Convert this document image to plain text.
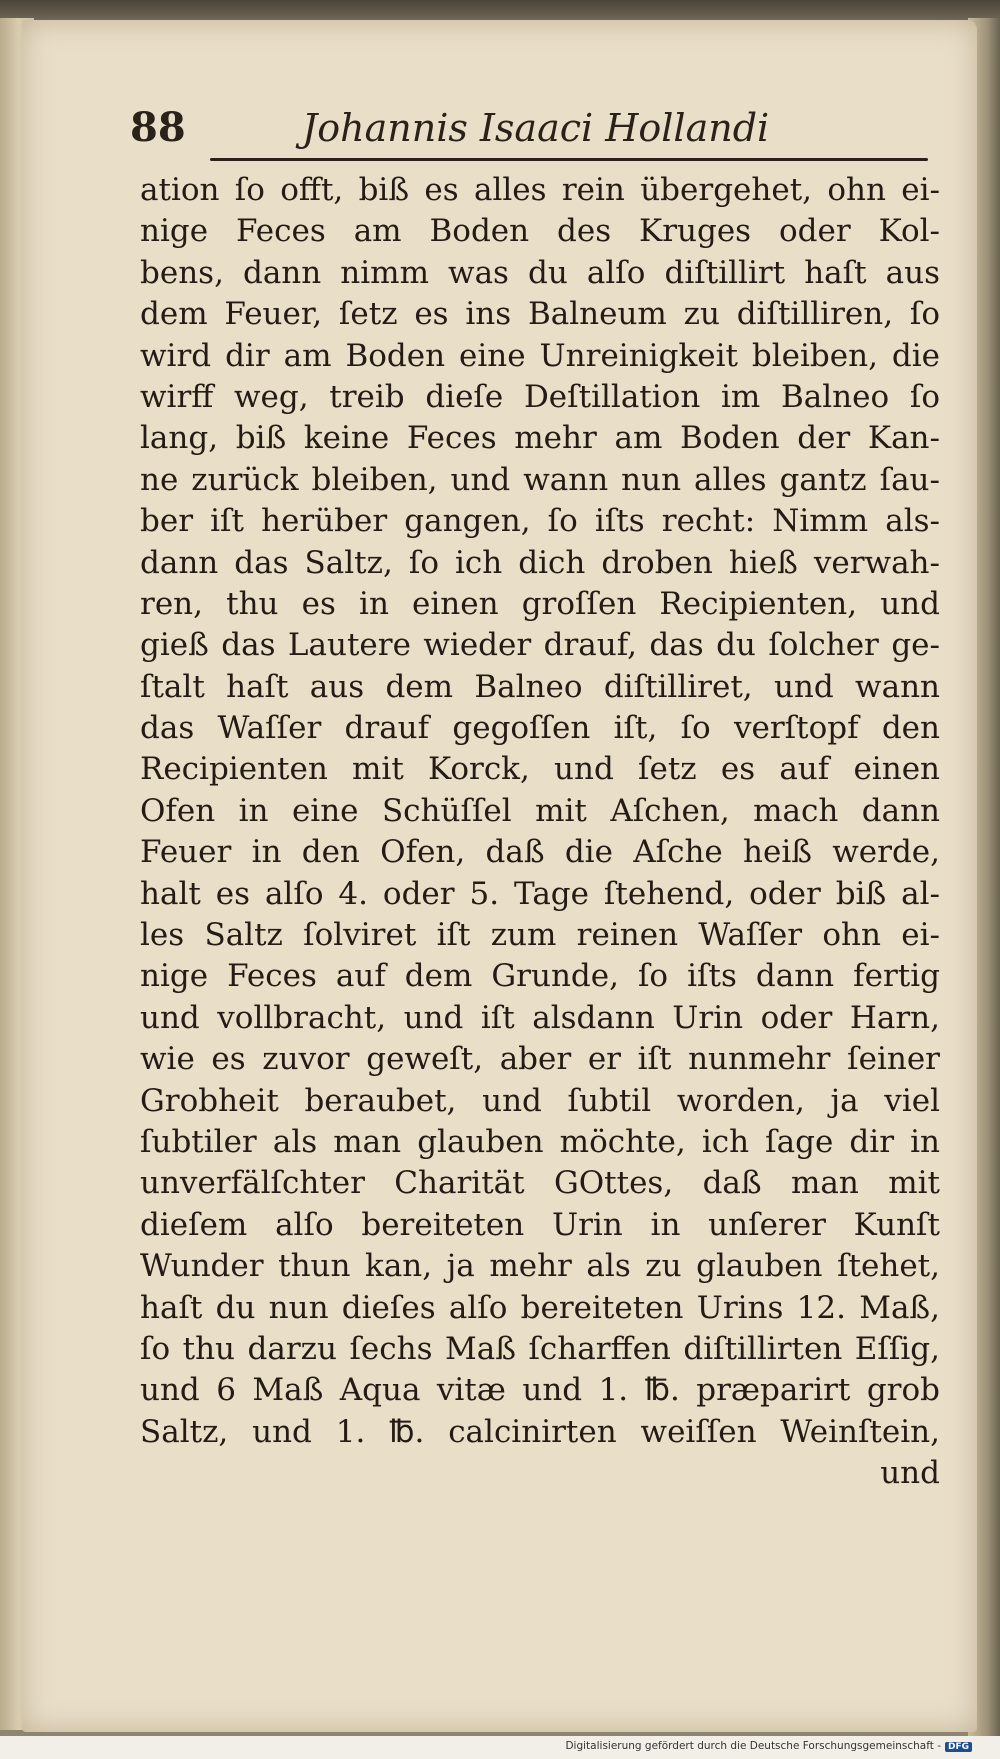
88	Johannis Isaaci Hollandi
ation ſo offt, biß es alles rein übergehet, ohn ei-
nige Feces am Boden des Kruges oder Kol-
bens, dann nimm was du alſo diſtillirt haſt aus
dem Feuer, ſetz es ins Balneum zu diſtilliren, ſo
wird dir am Boden eine Unreinigkeit bleiben, die
wirff weg, treib dieſe Deſtillation im Balneo ſo
lang, biß keine Feces mehr am Boden der Kan-
ne zurück bleiben, und wann nun alles gantz ſau-
ber iſt herüber gangen, ſo iſts recht: Nimm als-
dann das Saltz, ſo ich dich droben hieß verwah-
ren, thu es in einen groſſen Recipienten, und
gieß das Lautere wieder drauf, das du ſolcher ge-
ſtalt haſt aus dem Balneo diſtilliret, und wann
das Waſſer drauf gegoſſen iſt, ſo verſtopf den
Recipienten mit Korck, und ſetz es auf einen
Ofen in eine Schüſſel mit Aſchen, mach dann
Feuer in den Ofen, daß die Aſche heiß werde,
halt es alſo 4. oder 5. Tage ſtehend, oder biß al-
les Saltz ſolviret iſt zum reinen Waſſer ohn ei-
nige Feces auf dem Grunde, ſo iſts dann fertig
und vollbracht, und iſt alsdann Urin oder Harn,
wie es zuvor geweſt, aber er iſt nunmehr ſeiner
Grobheit beraubet, und ſubtil worden, ja viel
ſubtiler als man glauben möchte, ich ſage dir in
unverfälſchter Charität GOttes, daß man mit
dieſem alſo bereiteten Urin in unſerer Kunſt
Wunder thun kan, ja mehr als zu glauben ſtehet,
haſt du nun dieſes alſo bereiteten Urins 12. Maß,
ſo thu darzu ſechs Maß ſcharffen diſtillirten Eſſig,
und 6 Maß Aqua vitæ und 1. ℔. præparirt grob
Saltz, und 1. ℔. calcinirten weiſſen Weinſtein,
und
Digitalisierung gefördert durch die Deutsche Forschungsgemeinschaft - DFG
